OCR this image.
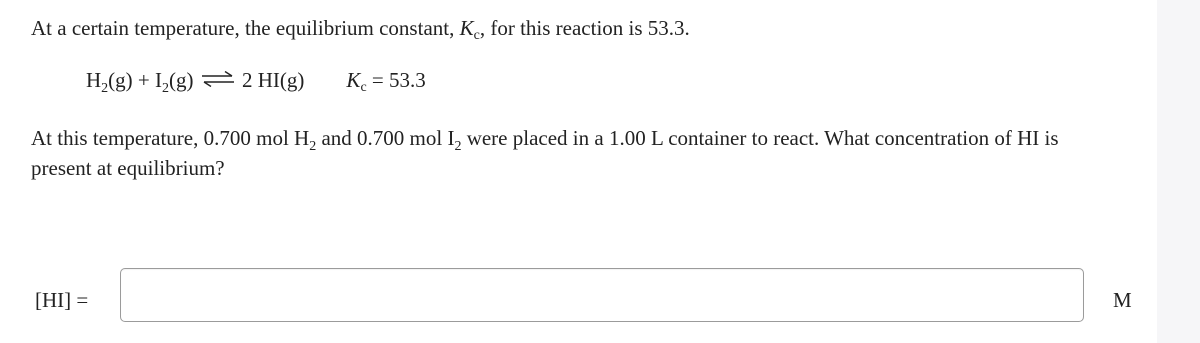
At a certain temperature, the equilibrium constant, Kc, for this reaction is 53.3.
$H_2(g) + I_2(g)$ ⇌ 2 HI(g) Kc = 53.3
At this temperature, 0.700 mol $H_2$ and 0.700 mol $I_2$ were placed in a 1.00 L container to react. What concentration of HI is
present at equilibrium?
[HI] =	M
